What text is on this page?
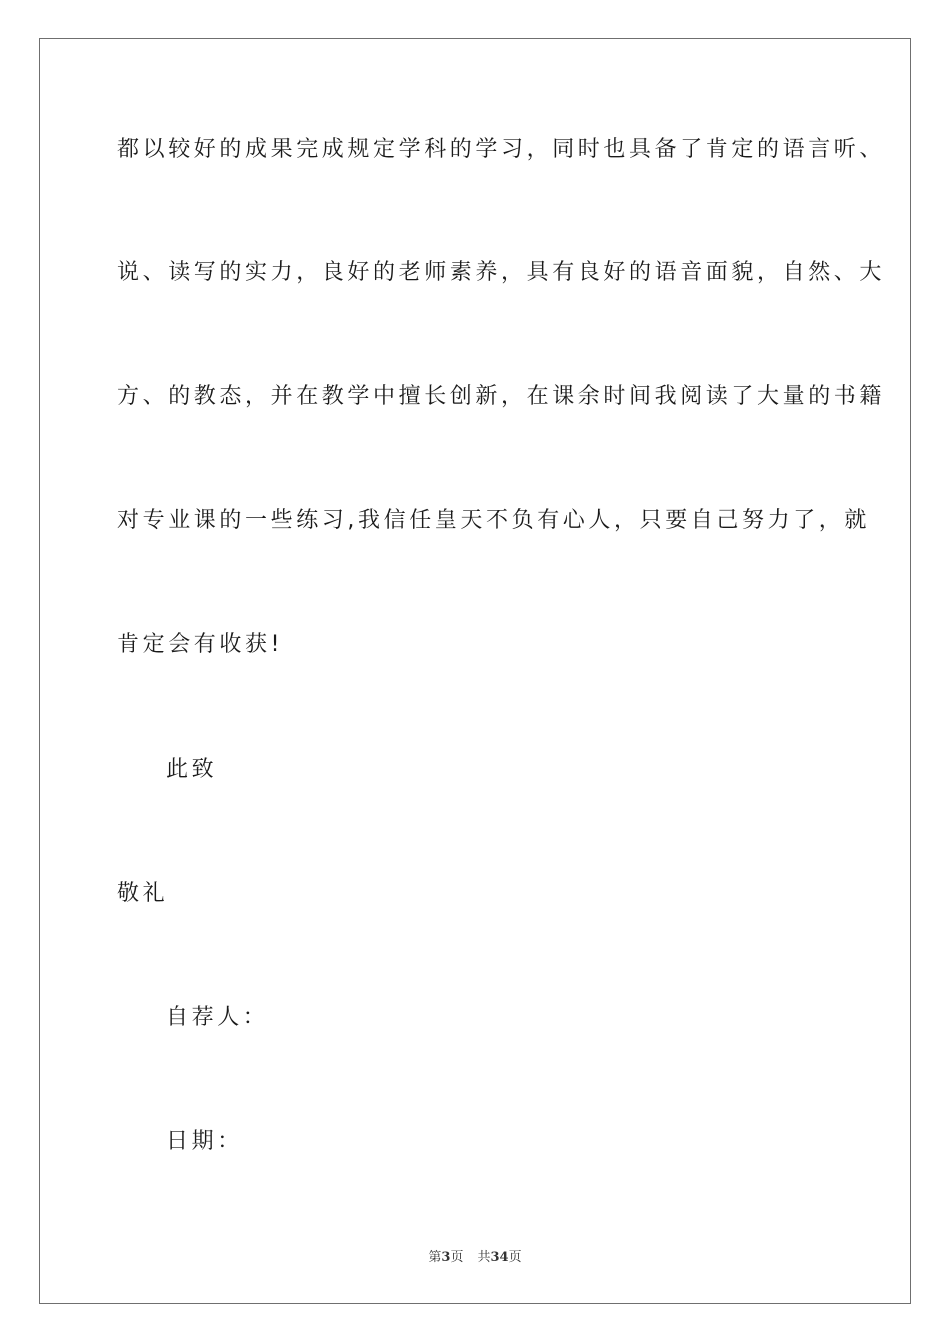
都以较好的成果完成规定学科的学习，同时也具备了肯定的语言听、
说、读写的实力，良好的老师素养，具有良好的语音面貌，自然、大
方、的教态，并在教学中擅长创新，在课余时间我阅读了大量的书籍
对专业课的一些练习,我信任皇天不负有心人，只要自己努力了，就
肯定会有收获!
此致
敬礼
自荐人：
日期：
第3页 共34页
